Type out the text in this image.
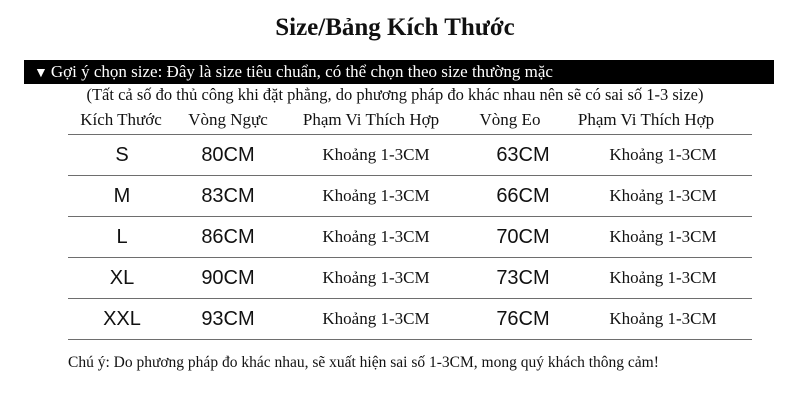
Size/Bảng Kích Thước
▼ Gợi ý chọn size: Đây là size tiêu chuẩn, có thể chọn theo size thường mặc
(Tất cả số đo thủ công khi đặt phẳng, do phương pháp đo khác nhau nên sẽ có sai số 1-3 size)
Kích Thước	Vòng Ngực	Phạm Vi Thích Hợp	Vòng Eo	Phạm Vi Thích Hợp
S	80CM	Khoảng 1-3CM	63CM	Khoảng 1-3CM
M	83CM	Khoảng 1-3CM	66CM	Khoảng 1-3CM
L	86CM	Khoảng 1-3CM	70CM	Khoảng 1-3CM
XL	90CM	Khoảng 1-3CM	73CM	Khoảng 1-3CM
XXL	93CM	Khoảng 1-3CM	76CM	Khoảng 1-3CM
Chú ý: Do phương pháp đo khác nhau, sẽ xuất hiện sai số 1-3CM, mong quý khách thông cảm!
